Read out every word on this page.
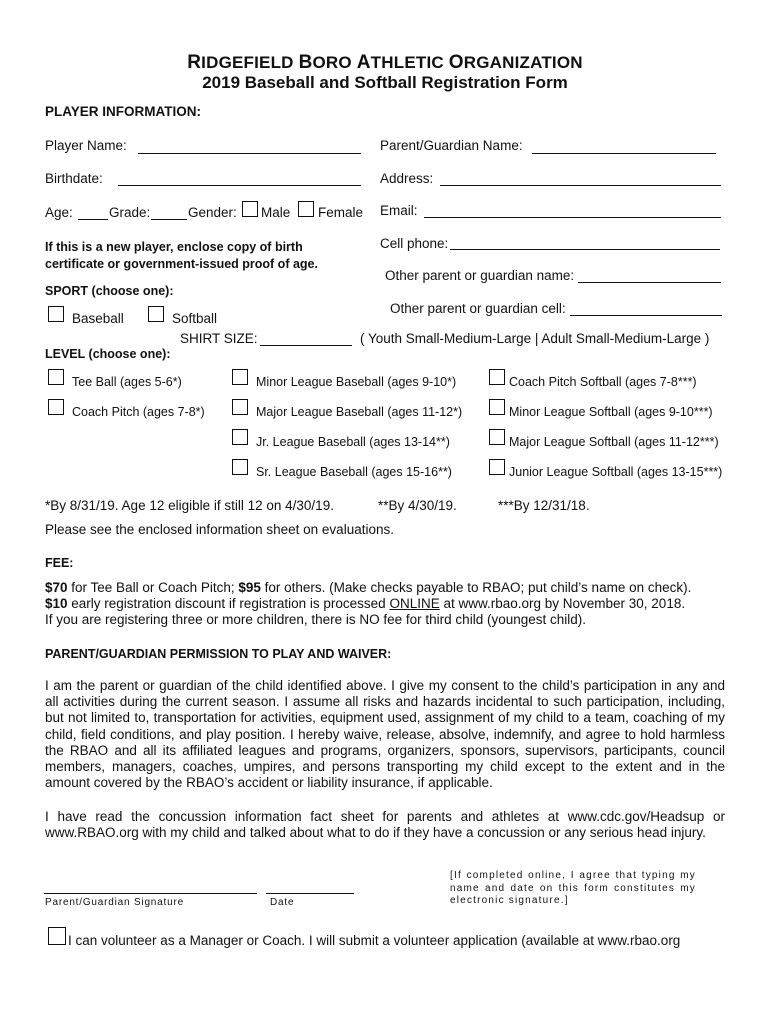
RIDGEFIELD BORO ATHLETIC ORGANIZATION
2019 Baseball and Softball Registration Form
PLAYER INFORMATION:
Player Name:	Parent/Guardian Name:
Birthdate:	Address:
Age:	Grade:	Gender: Male Female Email:
Cell phone:
If this is a new player, enclose copy of birth
certificate or government-issued proof of age.
Other parent or guardian name:
Other parent or guardian cell:
SPORT (choose one):
Baseball	Softball
SHIRT SIZE:	( Youth Small-Medium-Large | Adult Small-Medium-Large )
LEVEL (choose one):
Tee Ball (ages 5-6*)
Coach Pitch (ages 7-8*)
Minor League Baseball (ages 9-10*)
Major League Baseball (ages 11-12*)
Jr. League Baseball (ages 13-14**)
Sr. League Baseball (ages 15-16**)
Coach Pitch Softball (ages 7-8***)
Minor League Softball (ages 9-10***)
Major League Softball (ages 11-12***)
Junior League Softball (ages 13-15***)
*By 8/31/19. Age 12 eligible if still 12 on 4/30/19.	**By 4/30/19.	***By 12/31/18.
Please see the enclosed information sheet on evaluations.
FEE:
$70 for Tee Ball or Coach Pitch; $95 for others. (Make checks payable to RBAO; put child’s name on check).
$10 early registration discount if registration is processed ONLINE at www.rbao.org by November 30, 2018.
If you are registering three or more children, there is NO fee for third child (youngest child).
PARENT/GUARDIAN PERMISSION TO PLAY AND WAIVER:
I am the parent or guardian of the child identified above. I give my consent to the child’s participation in any and all activities during the current season. I assume all risks and hazards incidental to such participation, including, but not limited to, transportation for activities, equipment used, assignment of my child to a team, coaching of my child, field conditions, and play position. I hereby waive, release, absolve, indemnify, and agree to hold harmless the RBAO and all its affiliated leagues and programs, organizers, sponsors, supervisors, participants, council members, managers, coaches, umpires, and persons transporting my child except to the extent and in the amount covered by the RBAO’s accident or liability insurance, if applicable.
I have read the concussion information fact sheet for parents and athletes at www.cdc.gov/Headsup or www.RBAO.org with my child and talked about what to do if they have a concussion or any serious head injury.
Parent/Guardian Signature	Date
[If completed online, I agree that typing my name and date on this form constitutes my electronic signature.]
I can volunteer as a Manager or Coach. I will submit a volunteer application (available at www.rbao.org
